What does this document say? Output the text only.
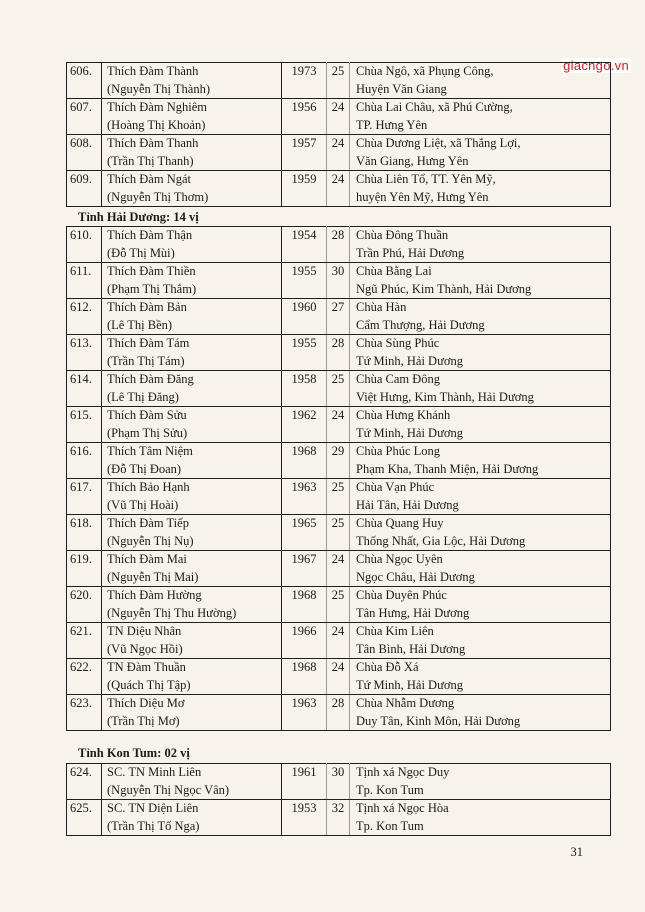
giacngo.vn
606.	Thích Đàm Thành
(Nguyễn Thị Thành)	1973	25	Chùa Ngô, xã Phụng Công,
Huyện Văn Giang
607.	Thích Đàm Nghiêm
(Hoàng Thị Khoản)	1956	24	Chùa Lai Châu, xã Phú Cường,
TP. Hưng Yên
608.	Thích Đàm Thanh
(Trần Thị Thanh)	1957	24	Chùa Dương Liệt, xã Thắng Lợi,
Văn Giang, Hưng Yên
609.	Thích Đàm Ngát
(Nguyễn Thị Thơm)	1959	24	Chùa Liên Tổ, TT. Yên Mỹ,
huyện Yên Mỹ, Hưng Yên
Tỉnh Hải Dương: 14 vị
610.	Thích Đàm Thận
(Đỗ Thị Mùi)	1954	28	Chùa Đông Thuần
Trần Phú, Hải Dương
611.	Thích Đàm Thiền
(Phạm Thị Thắm)	1955	30	Chùa Bằng Lai
Ngũ Phúc, Kim Thành, Hải Dương
612.	Thích Đàm Bản
(Lê Thị Bền)	1960	27	Chùa Hàn
Cẩm Thượng, Hải Dương
613.	Thích Đàm Tám
(Trần Thị Tám)	1955	28	Chùa Sùng Phúc
Tứ Minh, Hải Dương
614.	Thích Đàm Đăng
(Lê Thị Đăng)	1958	25	Chùa Cam Đông
Việt Hưng, Kim Thành, Hải Dương
615.	Thích Đàm Sửu
(Phạm Thị Sửu)	1962	24	Chùa Hưng Khánh
Tứ Minh, Hải Dương
616.	Thích Tâm Niệm
(Đỗ Thị Đoan)	1968	29	Chùa Phúc Long
Phạm Kha, Thanh Miện, Hải Dương
617.	Thích Bảo Hạnh
(Vũ Thị Hoài)	1963	25	Chùa Vạn Phúc
Hải Tân, Hải Dương
618.	Thích Đàm Tiếp
(Nguyễn Thị Nụ)	1965	25	Chùa Quang Huy
Thống Nhất, Gia Lộc, Hải Dương
619.	Thích Đàm Mai
(Nguyễn Thị Mai)	1967	24	Chùa Ngọc Uyên
Ngọc Châu, Hải Dương
620.	Thích Đàm Hường
(Nguyễn Thị Thu Hường)	1968	25	Chùa Duyên Phúc
Tân Hưng, Hải Dương
621.	TN Diệu Nhân
(Vũ Ngọc Hồi)	1966	24	Chùa Kim Liên
Tân Bình, Hải Dương
622.	TN Đàm Thuần
(Quách Thị Tập)	1968	24	Chùa Đỗ Xá
Tứ Minh, Hải Dương
623.	Thích Diệu Mơ
(Trần Thị Mơ)	1963	28	Chùa Nhẫm Dương
Duy Tân, Kinh Môn, Hải Dương
Tỉnh Kon Tum: 02 vị
624.	SC. TN Minh Liên
(Nguyễn Thị Ngọc Vân)	1961	30	Tịnh xá Ngọc Duy
Tp. Kon Tum
625.	SC. TN Diện Liên
(Trần Thị Tố Nga)	1953	32	Tịnh xá Ngọc Hòa
Tp. Kon Tum
31
